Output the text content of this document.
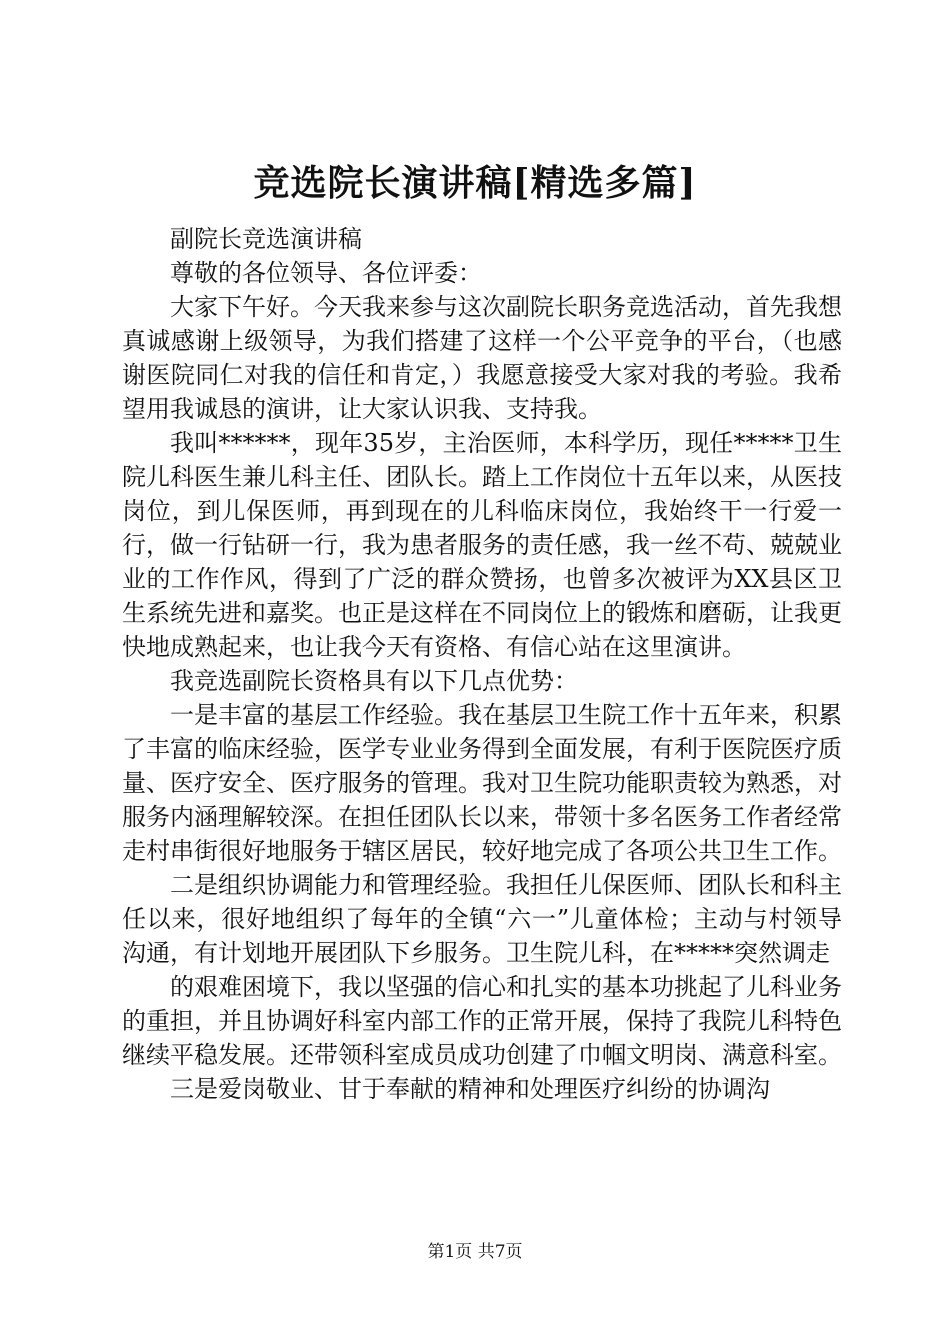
竞选院长演讲稿[精选多篇]

副院长竞选演讲稿

尊敬的各位领导、各位评委：

大家下午好。今天我来参与这次副院长职务竞选活动，首先我想真诚感谢上级领导，为我们搭建了这样一个公平竞争的平台，（也感谢医院同仁对我的信任和肯定，）我愿意接受大家对我的考验。我希望用我诚恳的演讲，让大家认识我、支持我。

我叫******，现年35岁，主治医师，本科学历，现任*****卫生院儿科医生兼儿科主任、团队长。踏上工作岗位十五年以来，从医技岗位，到儿保医师，再到现在的儿科临床岗位，我始终干一行爱一行，做一行钻研一行，我为患者服务的责任感，我一丝不苟、兢兢业业的工作作风，得到了广泛的群众赞扬，也曾多次被评为XX县区卫生系统先进和嘉奖。也正是这样在不同岗位上的锻炼和磨砺，让我更快地成熟起来，也让我今天有资格、有信心站在这里演讲。

我竞选副院长资格具有以下几点优势：

一是丰富的基层工作经验。我在基层卫生院工作十五年来，积累了丰富的临床经验，医学专业业务得到全面发展，有利于医院医疗质量、医疗安全、医疗服务的管理。我对卫生院功能职责较为熟悉，对服务内涵理解较深。在担任团队长以来，带领十多名医务工作者经常走村串街很好地服务于辖区居民，较好地完成了各项公共卫生工作。

二是组织协调能力和管理经验。我担任儿保医师、团队长和科主任以来，很好地组织了每年的全镇“六一”儿童体检；主动与村领导沟通，有计划地开展团队下乡服务。卫生院儿科，在*****突然调走

的艰难困境下，我以坚强的信心和扎实的基本功挑起了儿科业务的重担，并且协调好科室内部工作的正常开展，保持了我院儿科特色继续平稳发展。还带领科室成员成功创建了巾帼文明岗、满意科室。

三是爱岗敬业、甘于奉献的精神和处理医疗纠纷的协调沟

第1页 共7页
